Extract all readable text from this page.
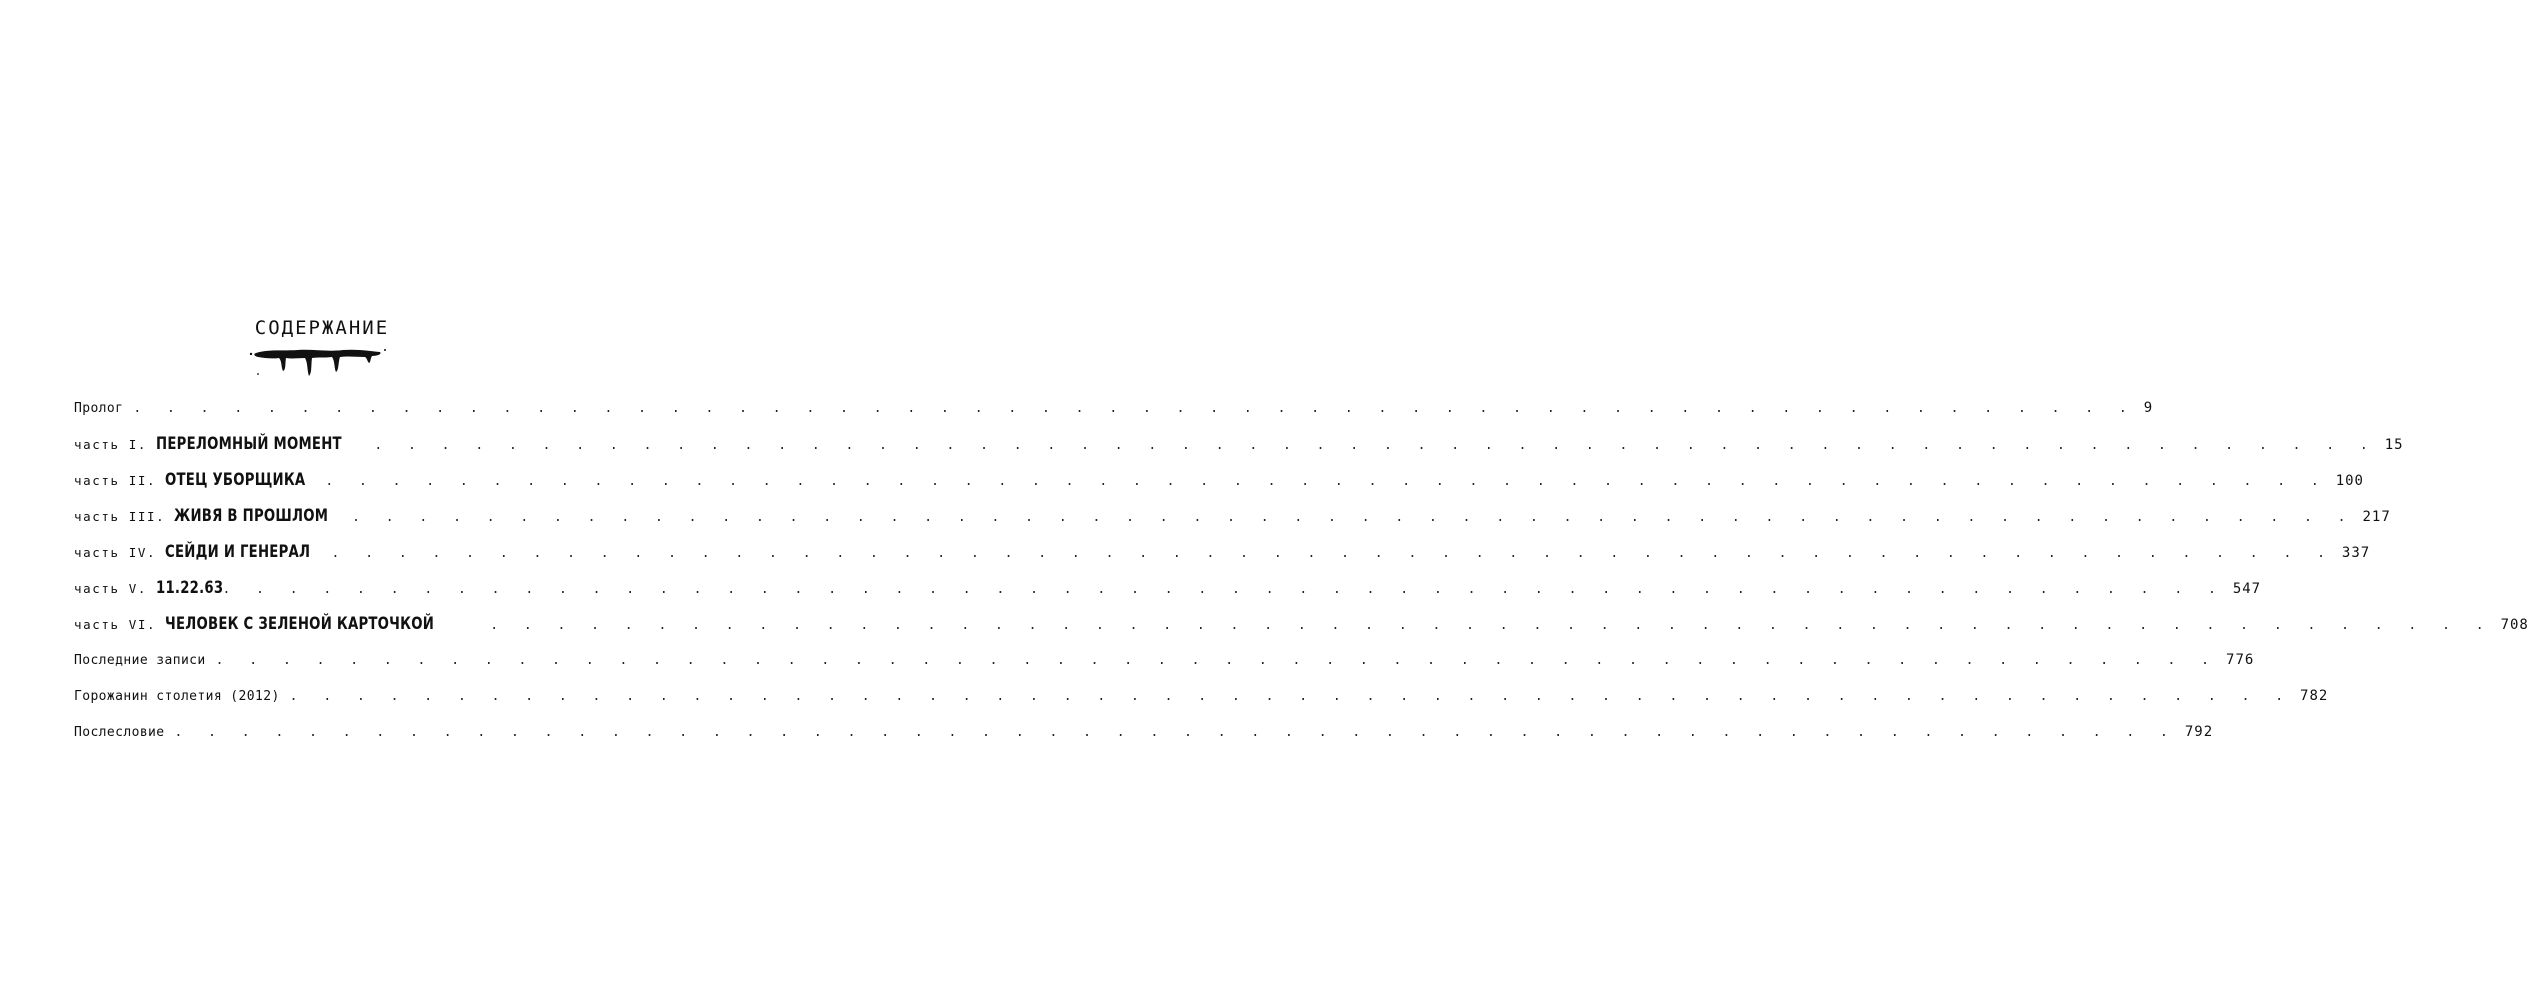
СОДЕРЖАНИЕ
Пролог . . . . . . . . . . . . . . . . . . . . . . . . . . . . . . . . . . . . . . . . . . . . . . . . . . . . . . . . . . . . 9
часть I. ПЕРЕЛОМНЫЙ МОМЕНТ . . . . . . . . . . . . . . . . . . . . . . . . . . . . . . . . . . . . . . . . . . . . . . . . . . . . . . . . . . . . 15
часть II. ОТЕЦ УБОРЩИКА . . . . . . . . . . . . . . . . . . . . . . . . . . . . . . . . . . . . . . . . . . . . . . . . . . . . . . . . . . . . 100
часть III. ЖИВЯ В ПРОШЛОМ . . . . . . . . . . . . . . . . . . . . . . . . . . . . . . . . . . . . . . . . . . . . . . . . . . . . . . . . . . . . 217
часть IV. СЕЙДИ И ГЕНЕРАЛ . . . . . . . . . . . . . . . . . . . . . . . . . . . . . . . . . . . . . . . . . . . . . . . . . . . . . . . . . . . . 337
часть V. 11.22.63
. . . . . . . . . . . . . . . . . . . . . . . . . . . . . . . . . . . . . . . . . . . . . . . . . . . . . . . . . . . . 547
часть VI. ЧЕЛОВЕК С ЗЕЛЕНОЙ КАРТОЧКОЙ	. . . . . . . . . . . . . . . . . . . . . . . . . . . . . . . . . . . . . . . . . . . . . . . . . . . . . . . . . . . . 708
Последние записи . . . . . . . . . . . . . . . . . . . . . . . . . . . . . . . . . . . . . . . . . . . . . . . . . . . . . . . . . . . . 776
Горожанин столетия (2012) . . . . . . . . . . . . . . . . . . . . . . . . . . . . . . . . . . . . . . . . . . . . . . . . . . . . . . . . . . . . 782
Послесловие . . . . . . . . . . . . . . . . . . . . . . . . . . . . . . . . . . . . . . . . . . . . . . . . . . . . . . . . . . . . 792
